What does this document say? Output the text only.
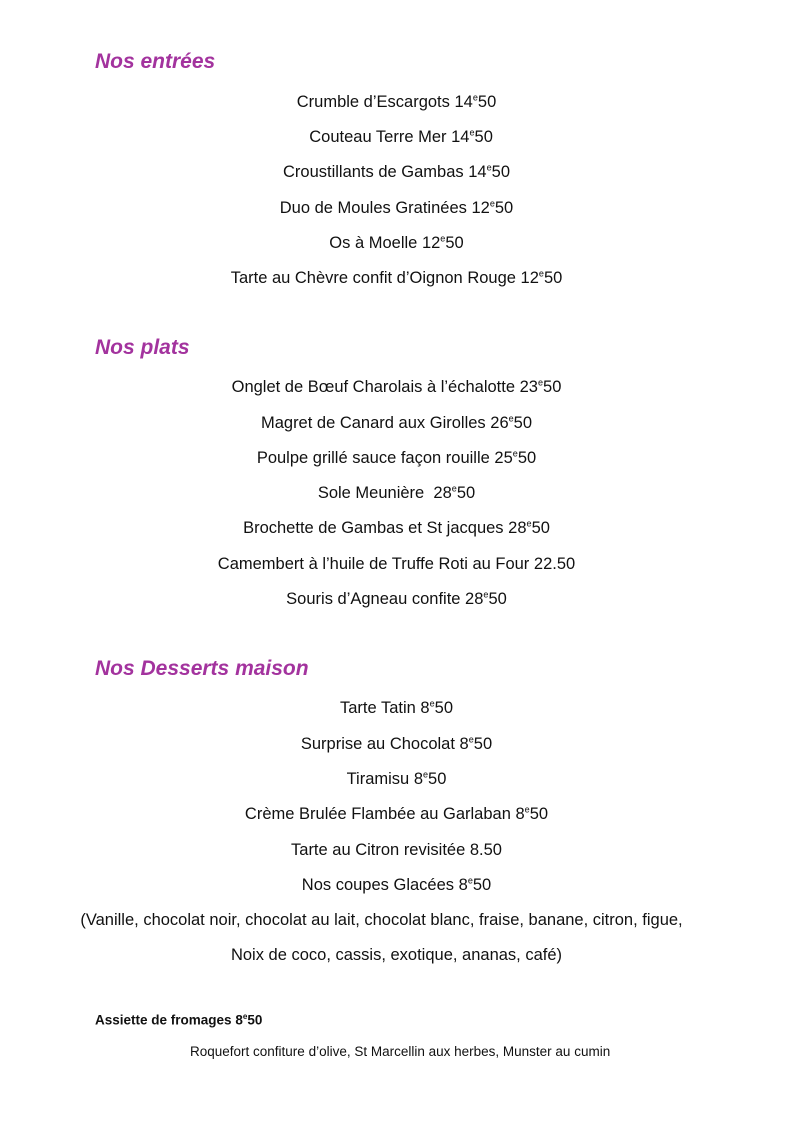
Nos entrées
Crumble d’Escargots 14e50
Couteau Terre Mer 14e50
Croustillants de Gambas 14e50
Duo de Moules Gratinées 12e50
Os à Moelle 12e50
Tarte au Chèvre confit d’Oignon Rouge 12e50
Nos plats
Onglet de Bœuf Charolais à l’échalotte 23e50
Magret de Canard aux Girolles 26e50
Poulpe grillé sauce façon rouille 25e50
Sole Meunière  28e50
Brochette de Gambas et St jacques 28e50
Camembert à l’huile de Truffe Roti au Four 22.50
Souris d’Agneau confite 28e50
Nos Desserts maison
Tarte Tatin 8e50
Surprise au Chocolat 8e50
Tiramisu 8e50
Crème Brulée Flambée au Garlaban 8e50
Tarte au Citron revisitée 8.50
Nos coupes Glacées 8e50
(Vanille, chocolat noir, chocolat au lait, chocolat blanc, fraise, banane, citron, figue,
Noix de coco, cassis, exotique, ananas, café)
Assiette de fromages 8e50
Roquefort confiture d’olive, St Marcellin aux herbes, Munster au cumin
